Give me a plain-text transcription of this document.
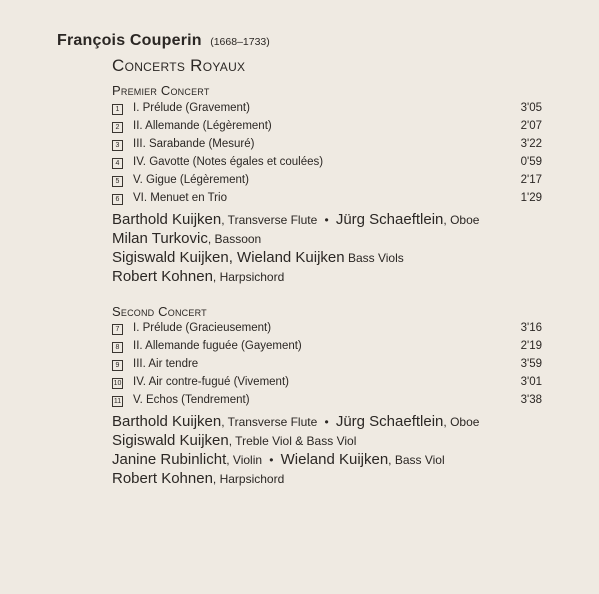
François Couperin (1668–1733)
Concerts Royaux
Premier Concert
1	I. Prélude (Gravement)	3'05
2	II. Allemande (Légèrement)	2'07
3	III. Sarabande (Mesuré)	3'22
4	IV. Gavotte (Notes égales et coulées)	0'59
5	V. Gigue (Légèrement)	2'17
6	VI. Menuet en Trio	1'29
Barthold Kuijken, Transverse Flute • Jürg Schaeftlein, Oboe
Milan Turkovic, Bassoon
Sigiswald Kuijken, Wieland Kuijken Bass Viols
Robert Kohnen, Harpsichord
Second Concert
7	I. Prélude (Gracieusement)	3'16
8	II. Allemande fuguée (Gayement)	2'19
9	III. Air tendre	3'59
10 IV. Air contre-fugué (Vivement)	3'01
11 V. Echos (Tendrement)	3'38
Barthold Kuijken, Transverse Flute • Jürg Schaeftlein, Oboe
Sigiswald Kuijken, Treble Viol & Bass Viol
Janine Rubinlicht, Violin • Wieland Kuijken, Bass Viol
Robert Kohnen, Harpsichord
